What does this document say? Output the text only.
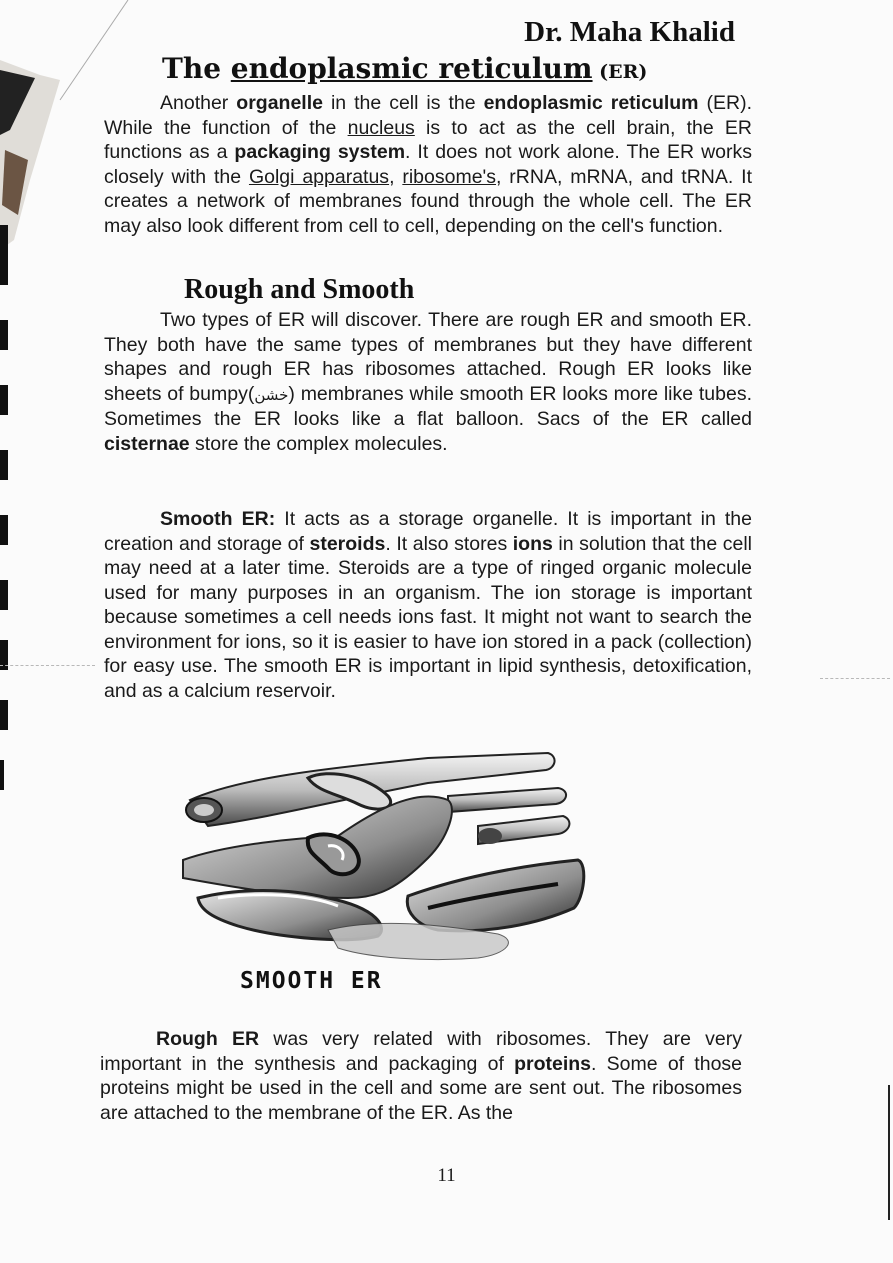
Dr. Maha Khalid
The endoplasmic reticulum (ER)

Another organelle in the cell is the endoplasmic reticulum (ER). While the function of the nucleus is to act as the cell brain, the ER functions as a packaging system. It does not work alone. The ER works closely with the Golgi apparatus, ribosome's, rRNA, mRNA, and tRNA. It creates a network of membranes found through the whole cell. The ER may also look different from cell to cell, depending on the cell's function.

Rough and Smooth

Two types of ER will discover. There are rough ER and smooth ER. They both have the same types of membranes but they have different shapes and rough ER has ribosomes attached. Rough ER looks like sheets of bumpy(خشن) membranes while smooth ER looks more like tubes. Sometimes the ER looks like a flat balloon. Sacs of the ER called cisternae store the complex molecules.

Smooth ER: It acts as a storage organelle. It is important in the creation and storage of steroids. It also stores ions in solution that the cell may need at a later time. Steroids are a type of ringed organic molecule used for many purposes in an organism. The ion storage is important because sometimes a cell needs ions fast. It might not want to search the environment for ions, so it is easier to have ion stored in a pack (collection) for easy use. The smooth ER is important in lipid synthesis, detoxification, and as a calcium reservoir.

SMOOTH ER

Rough ER was very related with ribosomes. They are very important in the synthesis and packaging of proteins. Some of those proteins might be used in the cell and some are sent out. The ribosomes are attached to the membrane of the ER. As the

11
